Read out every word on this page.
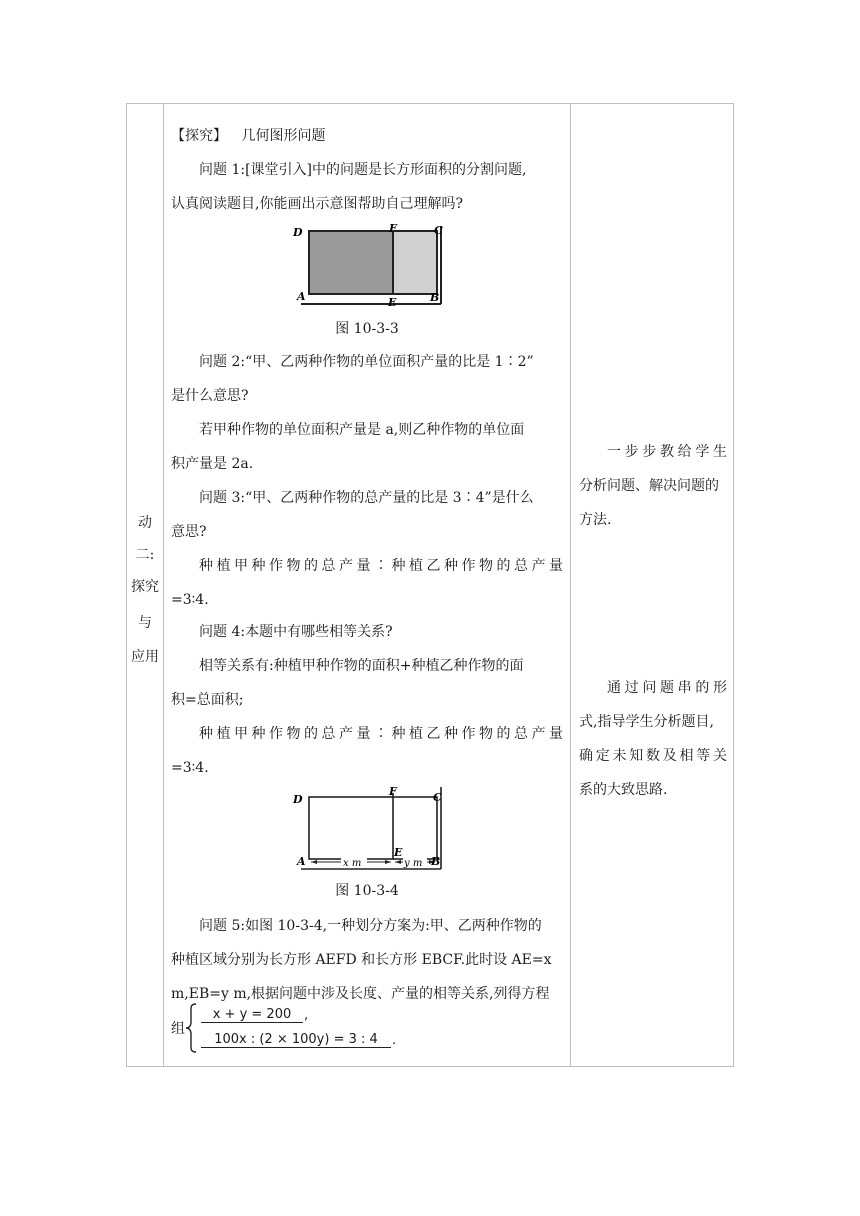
动
二:
探究
与
应用
【探究】 几何图形问题
问题 1:[课堂引入]中的问题是长方形面积的分割问题,
认真阅读题目,你能画出示意图帮助自己理解吗?
D	F	C
A	E	B
图 10-3-3
问题 2:“甲、乙两种作物的单位面积产量的比是 1∶2”
是什么意思?
若甲种作物的单位面积产量是 a,则乙种作物的单位面
积产量是 2a.
问题 3:“甲、乙两种作物的总产量的比是 3∶4”是什么
意思?
种植甲种作物的总产量∶种植乙种作物的总产量
=3∶4.
问题 4:本题中有哪些相等关系?
相等关系有:种植甲种作物的面积+种植乙种作物的面
积=总面积;
种植甲种作物的总产量∶种植乙种作物的总产量
=3∶4.
x m	y m
D
F	C
A
E
B
图 10-3-4
问题 5:如图 10-3-4,一种划分方案为:甲、乙两种作物的
种植区域分别为长方形 AEFD 和长方形 EBCF.此时设 AE=x
m,EB=y m,根据问题中涉及长度、产量的相等关系,列得方程
组
x + y = 200 ,
100x : (2 × 100y) = 3 : 4	.
一步步教给学生
分析问题、解决问题的
方法.
通过问题串的形
式,指导学生分析题目,
确定未知数及相等关
系的大致思路.
